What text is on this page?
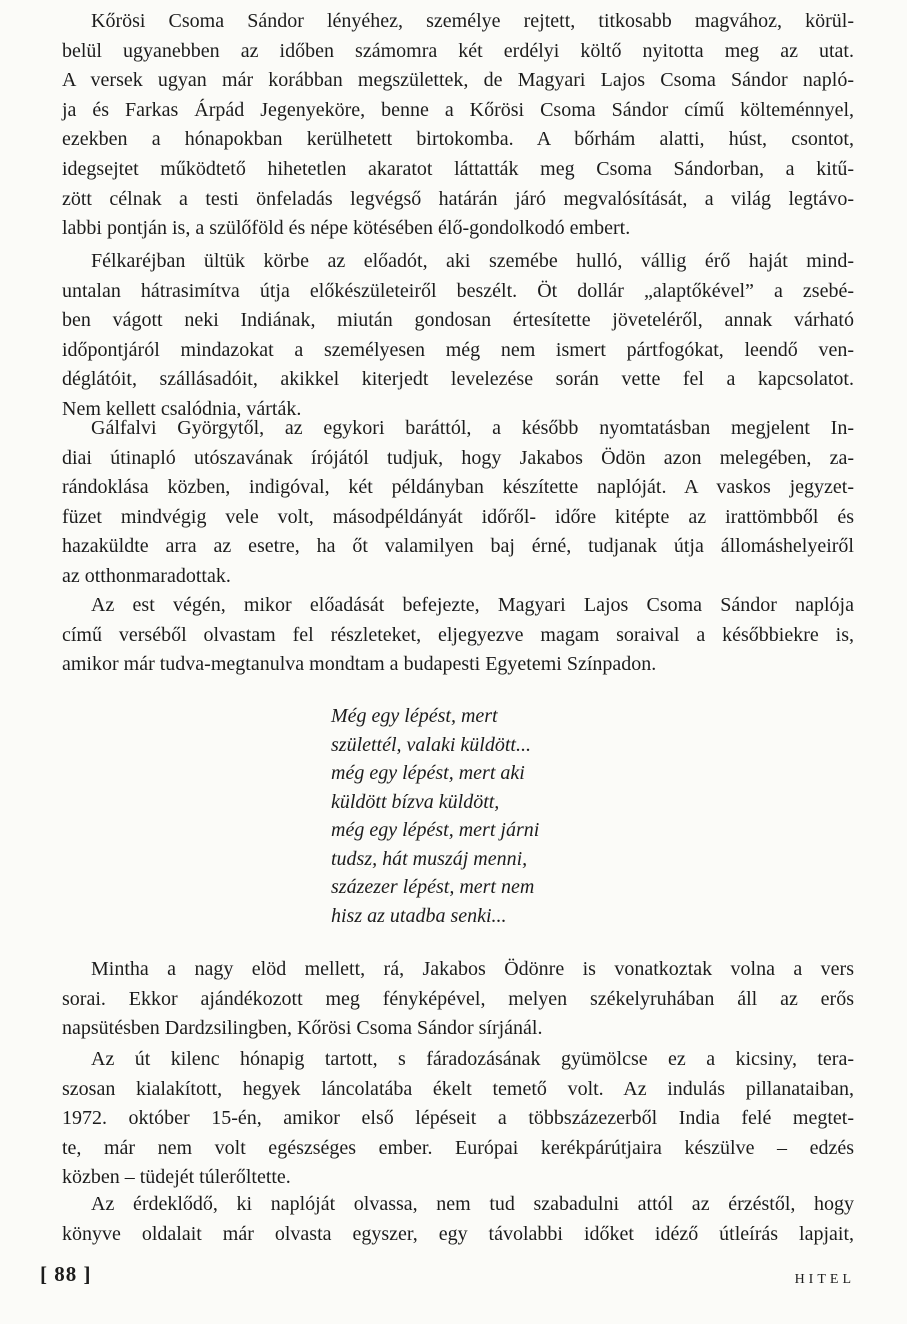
Kőrösi Csoma Sándor lényéhez, személye rejtett, titkosabb magvához, körül-
belül ugyanebben az időben számomra két erdélyi költő nyitotta meg az utat.
A versek ugyan már korábban megszülettek, de Magyari Lajos Csoma Sándor napló-
ja és Farkas Árpád Jegenyeköre, benne a Kőrösi Csoma Sándor című költeménnyel,
ezekben a hónapokban kerülhetett birtokomba. A bőrhám alatti, húst, csontot,
idegsejtet működtető hihetetlen akaratot láttatták meg Csoma Sándorban, a kitű-
zött célnak a testi önfeladás legvégső határán járó megvalósítását, a világ legtávo-
labbi pontján is, a szülőföld és népe kötésében élő-gondolkodó embert.
Félkaréjban ültük körbe az előadót, aki szemébe hulló, vállig érő haját mind-
untalan hátrasimítva útja előkészületeiről beszélt. Öt dollár „alaptőkével” a zsebé-
ben vágott neki Indiának, miután gondosan értesítette jöveteléről, annak várható
időpontjáról mindazokat a személyesen még nem ismert pártfogókat, leendő ven-
déglátóit, szállásadóit, akikkel kiterjedt levelezése során vette fel a kapcsolatot.
Nem kellett csalódnia, várták.
Gálfalvi Györgytől, az egykori baráttól, a később nyomtatásban megjelent In-
diai útinapló utószavának írójától tudjuk, hogy Jakabos Ödön azon melegében, za-
rándoklása közben, indigóval, két példányban készítette naplóját. A vaskos jegyzet-
füzet mindvégig vele volt, másodpéldányát időről- időre kitépte az irattömbből és
hazaküldte arra az esetre, ha őt valamilyen baj érné, tudjanak útja állomáshelyeiről
az otthonmaradottak.
Az est végén, mikor előadását befejezte, Magyari Lajos Csoma Sándor naplója
című verséből olvastam fel részleteket, eljegyezve magam soraival a későbbiekre is,
amikor már tudva-megtanulva mondtam a budapesti Egyetemi Színpadon.
Még egy lépést, mert
születtél, valaki küldött...
még egy lépést, mert aki
küldött bízva küldött,
még egy lépést, mert járni
tudsz, hát muszáj menni,
százezer lépést, mert nem
hisz az utadba senki...
Mintha a nagy elöd mellett, rá, Jakabos Ödönre is vonatkoztak volna a vers
sorai. Ekkor ajándékozott meg fényképével, melyen székelyruhában áll az erős
napsütésben Dardzsilingben, Kőrösi Csoma Sándor sírjánál.
Az út kilenc hónapig tartott, s fáradozásának gyümölcse ez a kicsiny, tera-
szosan kialakított, hegyek láncolatába ékelt temető volt. Az indulás pillanataiban,
1972. október 15-én, amikor első lépéseit a többszázezerből India felé megtet-
te, már nem volt egészséges ember. Európai kerékpárútjaira készülve – edzés
közben – tüdejét túlerőltette.
Az érdeklődő, ki naplóját olvassa, nem tud szabadulni attól az érzéstől, hogy
könyve oldalait már olvasta egyszer, egy távolabbi időket idéző útleírás lapjait,
[ 88 ]	HITEL
